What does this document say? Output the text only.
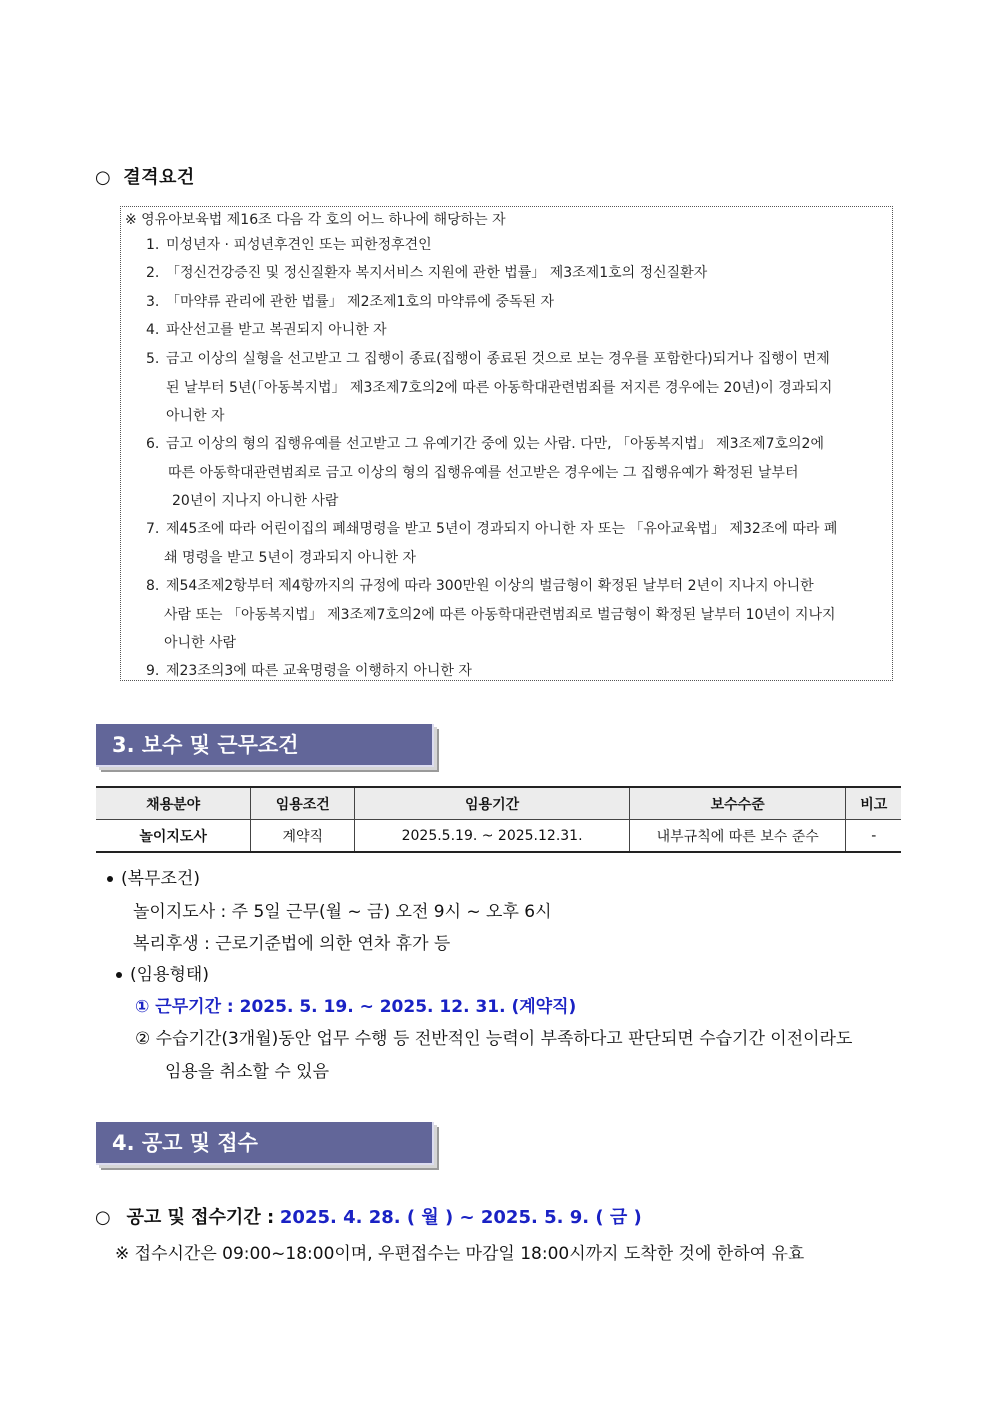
○ 결격요건
※ 영유아보육법 제16조 다음 각 호의 어느 하나에 해당하는 자
1. 미성년자 · 피성년후견인 또는 피한정후견인
2. 「정신건강증진 및 정신질환자 복지서비스 지원에 관한 법률」 제3조제1호의 정신질환자
3. 「마약류 관리에 관한 법률」 제2조제1호의 마약류에 중독된 자
4. 파산선고를 받고 복권되지 아니한 자
5. 금고 이상의 실형을 선고받고 그 집행이 종료(집행이 종료된 것으로 보는 경우를 포함한다)되거나 집행이 면제
된 날부터 5년(「아동복지법」 제3조제7호의2에 따른 아동학대관련범죄를 저지른 경우에는 20년)이 경과되지
아니한 자
6. 금고 이상의 형의 집행유예를 선고받고 그 유예기간 중에 있는 사람. 다만, 「아동복지법」 제3조제7호의2에
따른 아동학대관련범죄로 금고 이상의 형의 집행유예를 선고받은 경우에는 그 집행유예가 확정된 날부터
20년이 지나지 아니한 사람
7. 제45조에 따라 어린이집의 폐쇄명령을 받고 5년이 경과되지 아니한 자 또는 「유아교육법」 제32조에 따라 폐
쇄 명령을 받고 5년이 경과되지 아니한 자
8. 제54조제2항부터 제4항까지의 규정에 따라 300만원 이상의 벌금형이 확정된 날부터 2년이 지나지 아니한
사람 또는 「아동복지법」 제3조제7호의2에 따른 아동학대관련범죄로 벌금형이 확정된 날부터 10년이 지나지
아니한 사람
9. 제23조의3에 따른 교육명령을 이행하지 아니한 자
3. 보수 및 근무조건
채용분야	임용조건	임용기간	보수수준	비고
놀이지도사	계약직	2025.5.19. ~ 2025.12.31.	내부규칙에 따른 보수 준수	-
(복무조건)
놀이지도사 : 주 5일 근무(월 ~ 금) 오전 9시 ~ 오후 6시
복리후생 : 근로기준법에 의한 연차 휴가 등
(임용형태)
① 근무기간 : 2025. 5. 19. ~ 2025. 12. 31. (계약직)
② 수습기간(3개월)동안 업무 수행 등 전반적인 능력이 부족하다고 판단되면 수습기간 이전이라도
임용을 취소할 수 있음
4. 공고 및 접수
○ 공고 및 접수기간 : 2025. 4. 28. ( 월 ) ~ 2025. 5. 9. ( 금 )
※ 접수시간은 09:00~18:00이며, 우편접수는 마감일 18:00시까지 도착한 것에 한하여 유효
